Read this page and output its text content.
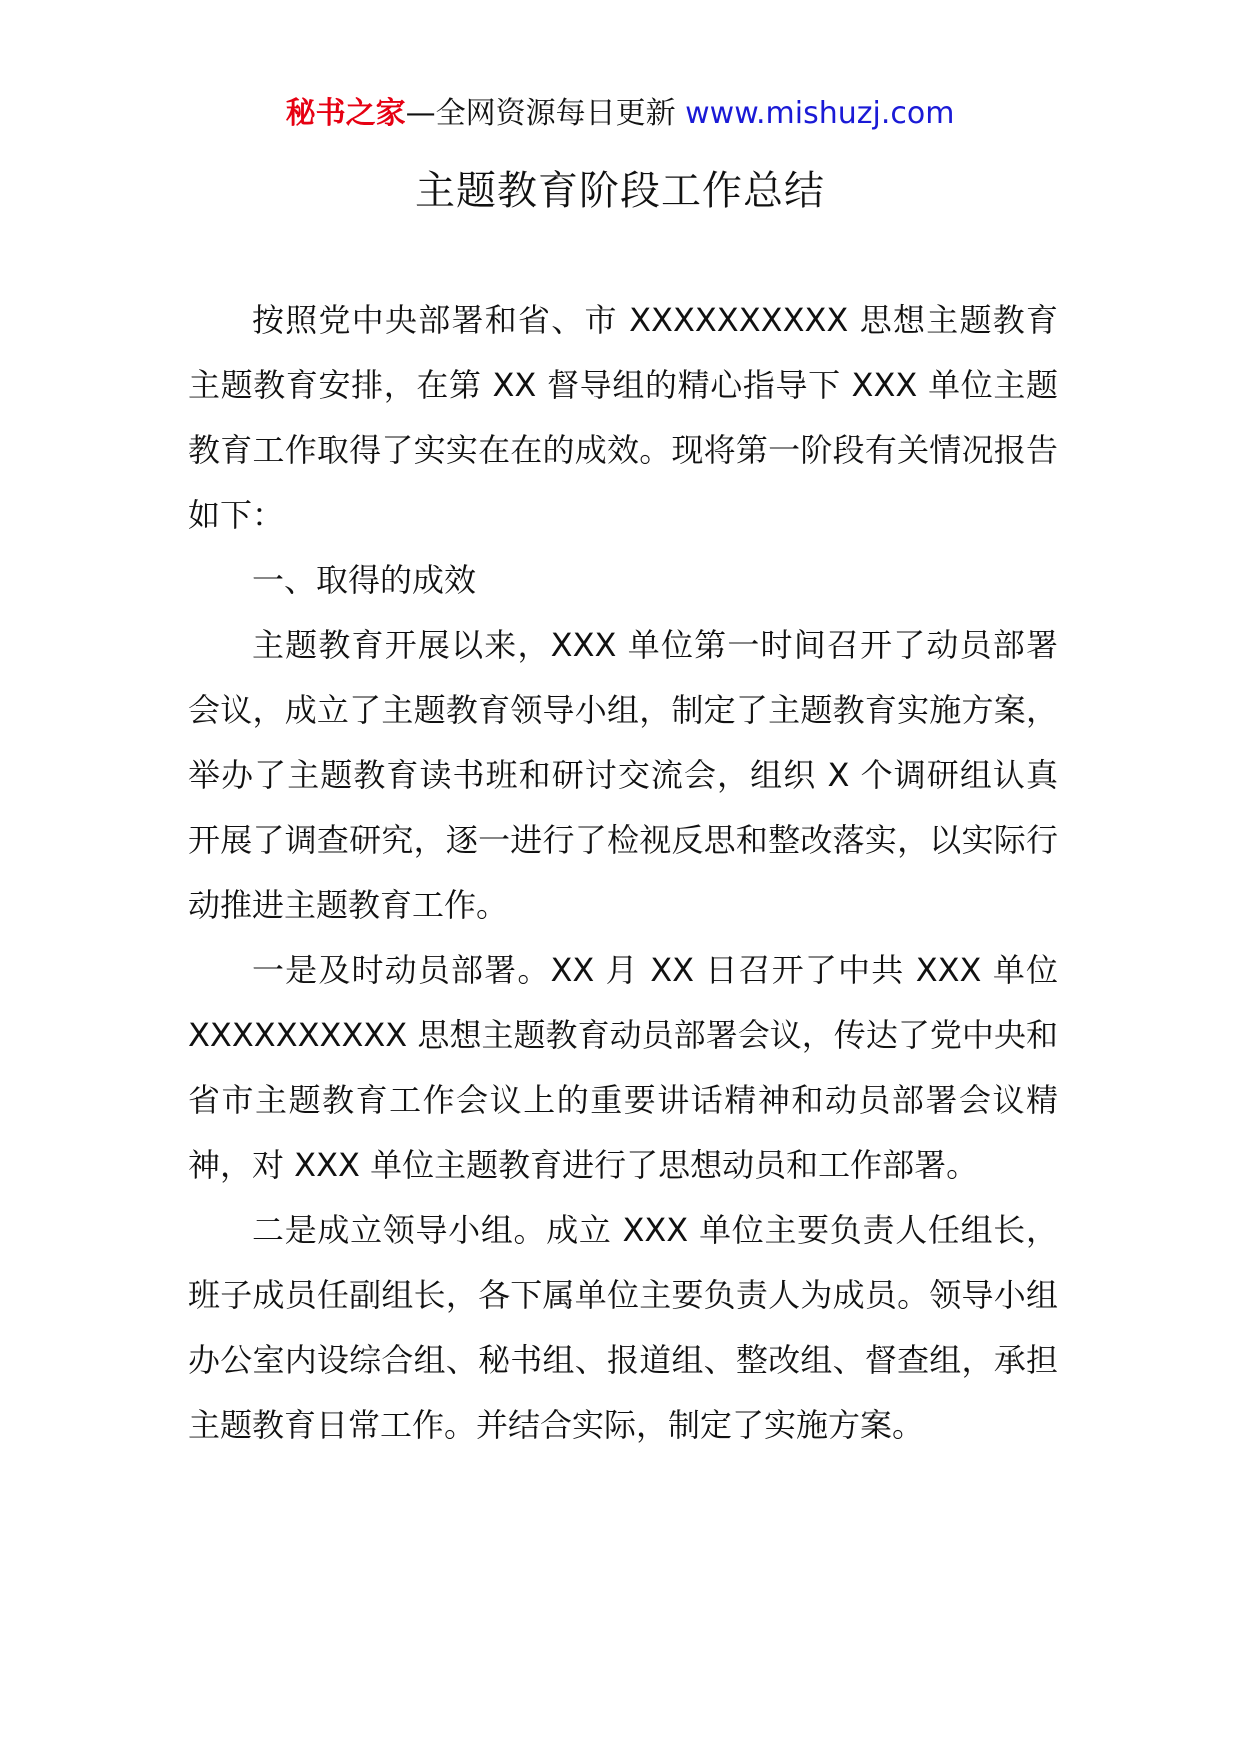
秘书之家—全网资源每日更新 www.mishuzj.com
主题教育阶段工作总结

按照党中央部署和省、市 XXXXXXXXXX 思想主题教育主题教育安排，在第 XX 督导组的精心指导下 XXX 单位主题教育工作取得了实实在在的成效。现将第一阶段有关情况报告如下：

一、取得的成效

主题教育开展以来，XXX 单位第一时间召开了动员部署会议，成立了主题教育领导小组，制定了主题教育实施方案，举办了主题教育读书班和研讨交流会，组织 X 个调研组认真开展了调查研究，逐一进行了检视反思和整改落实，以实际行动推进主题教育工作。

一是及时动员部署。XX 月 XX 日召开了中共 XXX 单位 XXXXXXXXXX 思想主题教育动员部署会议，传达了党中央和省市主题教育工作会议上的重要讲话精神和动员部署会议精神，对 XXX 单位主题教育进行了思想动员和工作部署。

二是成立领导小组。成立 XXX 单位主要负责人任组长，班子成员任副组长，各下属单位主要负责人为成员。领导小组办公室内设综合组、秘书组、报道组、整改组、督查组，承担主题教育日常工作。并结合实际，制定了实施方案。
